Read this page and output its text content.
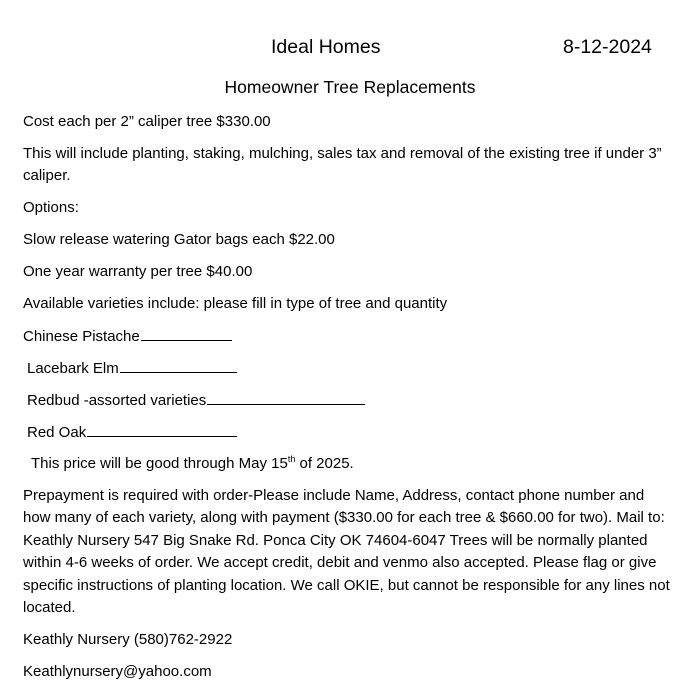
Ideal Homes	8-12-2024
Homeowner Tree Replacements
Cost each per 2” caliper tree $330.00

This will include planting, staking, mulching, sales tax and removal of the existing tree if under 3” caliper.

Options:
Slow release watering Gator bags each $22.00
One year warranty per tree $40.00
Available varieties include: please fill in type of tree and quantity
Chinese Pistache
Lacebark Elm
Redbud -assorted varieties
Red Oak
This price will be good through May 15th of 2025.

Prepayment is required with order-Please include Name, Address, contact phone number and how many of each variety, along with payment ($330.00 for each tree & $660.00 for two). Mail to: Keathly Nursery 547 Big Snake Rd. Ponca City OK 74604-6047 Trees will be normally planted within 4-6 weeks of order. We accept credit, debit and venmo also accepted. Please flag or give specific instructions of planting location. We call OKIE, but cannot be responsible for any lines not located.

Keathly Nursery (580)762-2922
Keathlynursery@yahoo.com
